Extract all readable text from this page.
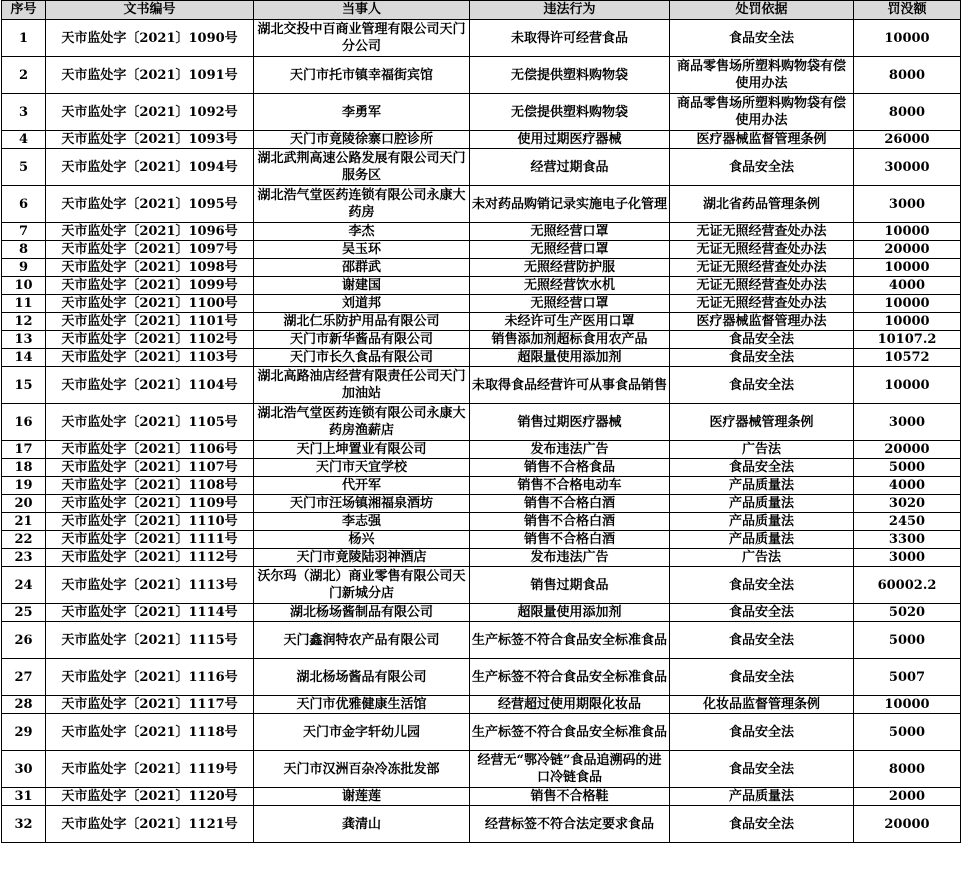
序号	文书编号	当事人	违法行为	处罚依据	罚没额
1	天市监处字〔2021〕1090号	湖北交投中百商业管理有限公司天门分公司	未取得许可经营食品	食品安全法	10000
2	天市监处字〔2021〕1091号	天门市托市镇幸福街宾馆	无偿提供塑料购物袋	商品零售场所塑料购物袋有偿使用办法	8000
3	天市监处字〔2021〕1092号	李勇军	无偿提供塑料购物袋	商品零售场所塑料购物袋有偿使用办法	8000
4	天市监处字〔2021〕1093号	天门市竟陵徐寨口腔诊所	使用过期医疗器械	医疗器械监督管理条例	26000
5	天市监处字〔2021〕1094号	湖北武荆高速公路发展有限公司天门服务区	经营过期食品	食品安全法	30000
6	天市监处字〔2021〕1095号	湖北浩气堂医药连锁有限公司永康大药房	未对药品购销记录实施电子化管理	湖北省药品管理条例	3000
7	天市监处字〔2021〕1096号	李杰	无照经营口罩	无证无照经营查处办法	10000
8	天市监处字〔2021〕1097号	吴玉环	无照经营口罩	无证无照经营查处办法	20000
9	天市监处字〔2021〕1098号	邵群武	无照经营防护服	无证无照经营查处办法	10000
10	天市监处字〔2021〕1099号	谢建国	无照经营饮水机	无证无照经营查处办法	4000
11	天市监处字〔2021〕1100号	刘道邦	无照经营口罩	无证无照经营查处办法	10000
12	天市监处字〔2021〕1101号	湖北仁乐防护用品有限公司	未经许可生产医用口罩	医疗器械监督管理办法	10000
13	天市监处字〔2021〕1102号	天门市新华酱品有限公司	销售添加剂超标食用农产品	食品安全法	10107.2
14	天市监处字〔2021〕1103号	天门市长久食品有限公司	超限量使用添加剂	食品安全法	10572
15	天市监处字〔2021〕1104号	湖北高路油店经营有限责任公司天门加油站	未取得食品经营许可从事食品销售	食品安全法	10000
16	天市监处字〔2021〕1105号	湖北浩气堂医药连锁有限公司永康大药房渔薪店	销售过期医疗器械	医疗器械管理条例	3000
17	天市监处字〔2021〕1106号	天门上坤置业有限公司	发布违法广告	广告法	20000
18	天市监处字〔2021〕1107号	天门市天宜学校	销售不合格食品	食品安全法	5000
19	天市监处字〔2021〕1108号	代开军	销售不合格电动车	产品质量法	4000
20	天市监处字〔2021〕1109号	天门市汪场镇湘福泉酒坊	销售不合格白酒	产品质量法	3020
21	天市监处字〔2021〕1110号	李志强	销售不合格白酒	产品质量法	2450
22	天市监处字〔2021〕1111号	杨兴	销售不合格白酒	产品质量法	3300
23	天市监处字〔2021〕1112号	天门市竟陵陆羽神酒店	发布违法广告	广告法	3000
24	天市监处字〔2021〕1113号	沃尔玛（湖北）商业零售有限公司天门新城分店	销售过期食品	食品安全法	60002.2
25	天市监处字〔2021〕1114号	湖北杨场酱制品有限公司	超限量使用添加剂	食品安全法	5020
26	天市监处字〔2021〕1115号	天门鑫润特农产品有限公司	生产标签不符合食品安全标准食品	食品安全法	5000
27	天市监处字〔2021〕1116号	湖北杨场酱品有限公司	生产标签不符合食品安全标准食品	食品安全法	5007
28	天市监处字〔2021〕1117号	天门市优雅健康生活馆	经营超过使用期限化妆品	化妆品监督管理条例	10000
29	天市监处字〔2021〕1118号	天门市金字轩幼儿园	生产标签不符合食品安全标准食品	食品安全法	5000
30	天市监处字〔2021〕1119号	天门市汉洲百杂冷冻批发部	经营无“鄂冷链”食品追溯码的进口冷链食品	食品安全法	8000
31	天市监处字〔2021〕1120号	谢莲莲	销售不合格鞋	产品质量法	2000
32	天市监处字〔2021〕1121号	龚清山	经营标签不符合法定要求食品	食品安全法	20000
